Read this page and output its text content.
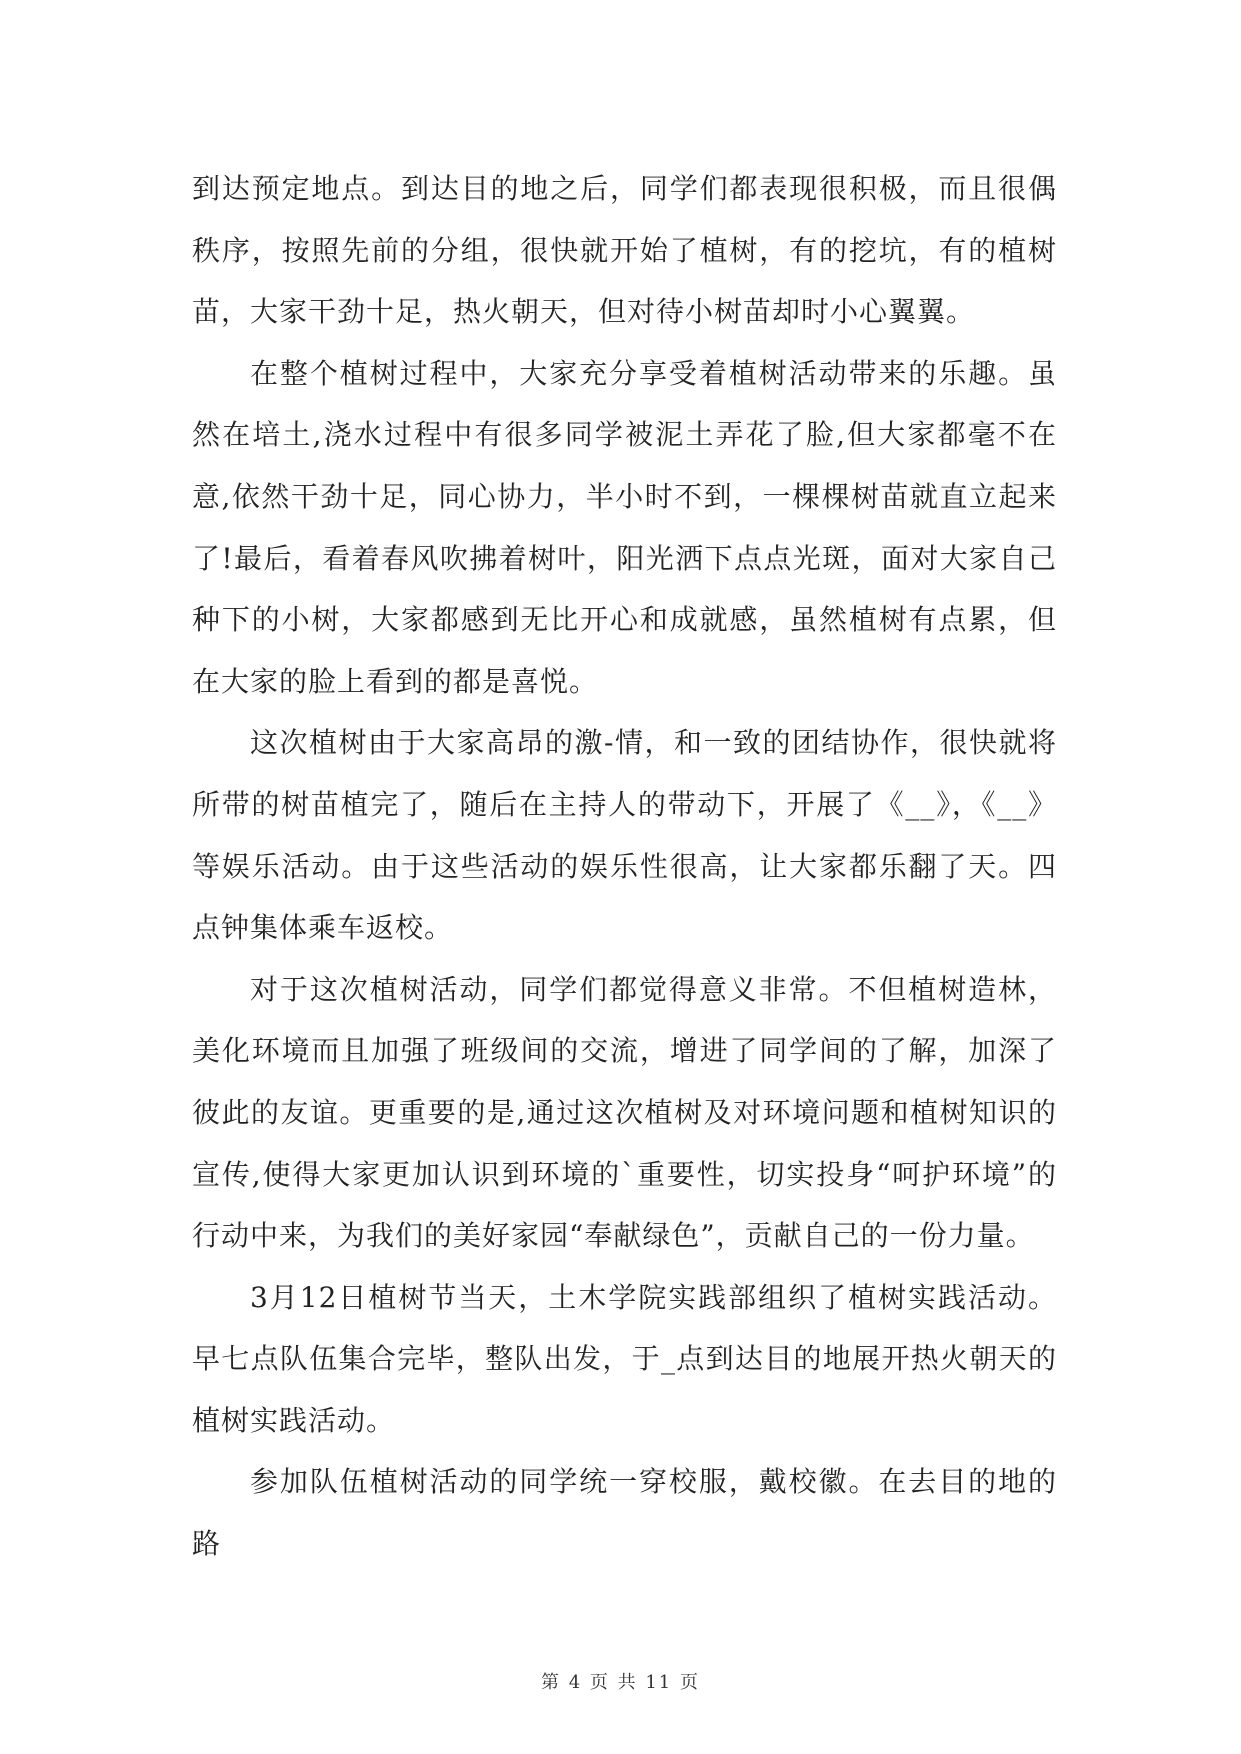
到达预定地点。到达目的地之后，同学们都表现很积极，而且很偶秩序，按照先前的分组，很快就开始了植树，有的挖坑，有的植树苗，大家干劲十足，热火朝天，但对待小树苗却时小心翼翼。

在整个植树过程中，大家充分享受着植树活动带来的乐趣。虽然在培土,浇水过程中有很多同学被泥土弄花了脸,但大家都毫不在意,依然干劲十足，同心协力，半小时不到，一棵棵树苗就直立起来了!最后，看着春风吹拂着树叶，阳光洒下点点光斑，面对大家自己种下的小树，大家都感到无比开心和成就感，虽然植树有点累，但在大家的脸上看到的都是喜悦。

这次植树由于大家高昂的激-情，和一致的团结协作，很快就将所带的树苗植完了，随后在主持人的带动下，开展了《__》，《__》等娱乐活动。由于这些活动的娱乐性很高，让大家都乐翻了天。四点钟集体乘车返校。

对于这次植树活动，同学们都觉得意义非常。不但植树造林，美化环境而且加强了班级间的交流，增进了同学间的了解，加深了彼此的友谊。更重要的是,通过这次植树及对环境问题和植树知识的宣传,使得大家更加认识到环境的`重要性，切实投身“呵护环境”的行动中来，为我们的美好家园“奉献绿色”，贡献自己的一份力量。

3月12日植树节当天，土木学院实践部组织了植树实践活动。早七点队伍集合完毕，整队出发，于_点到达目的地展开热火朝天的植树实践活动。

参加队伍植树活动的同学统一穿校服，戴校徽。在去目的地的路

第 4 页 共 11 页
